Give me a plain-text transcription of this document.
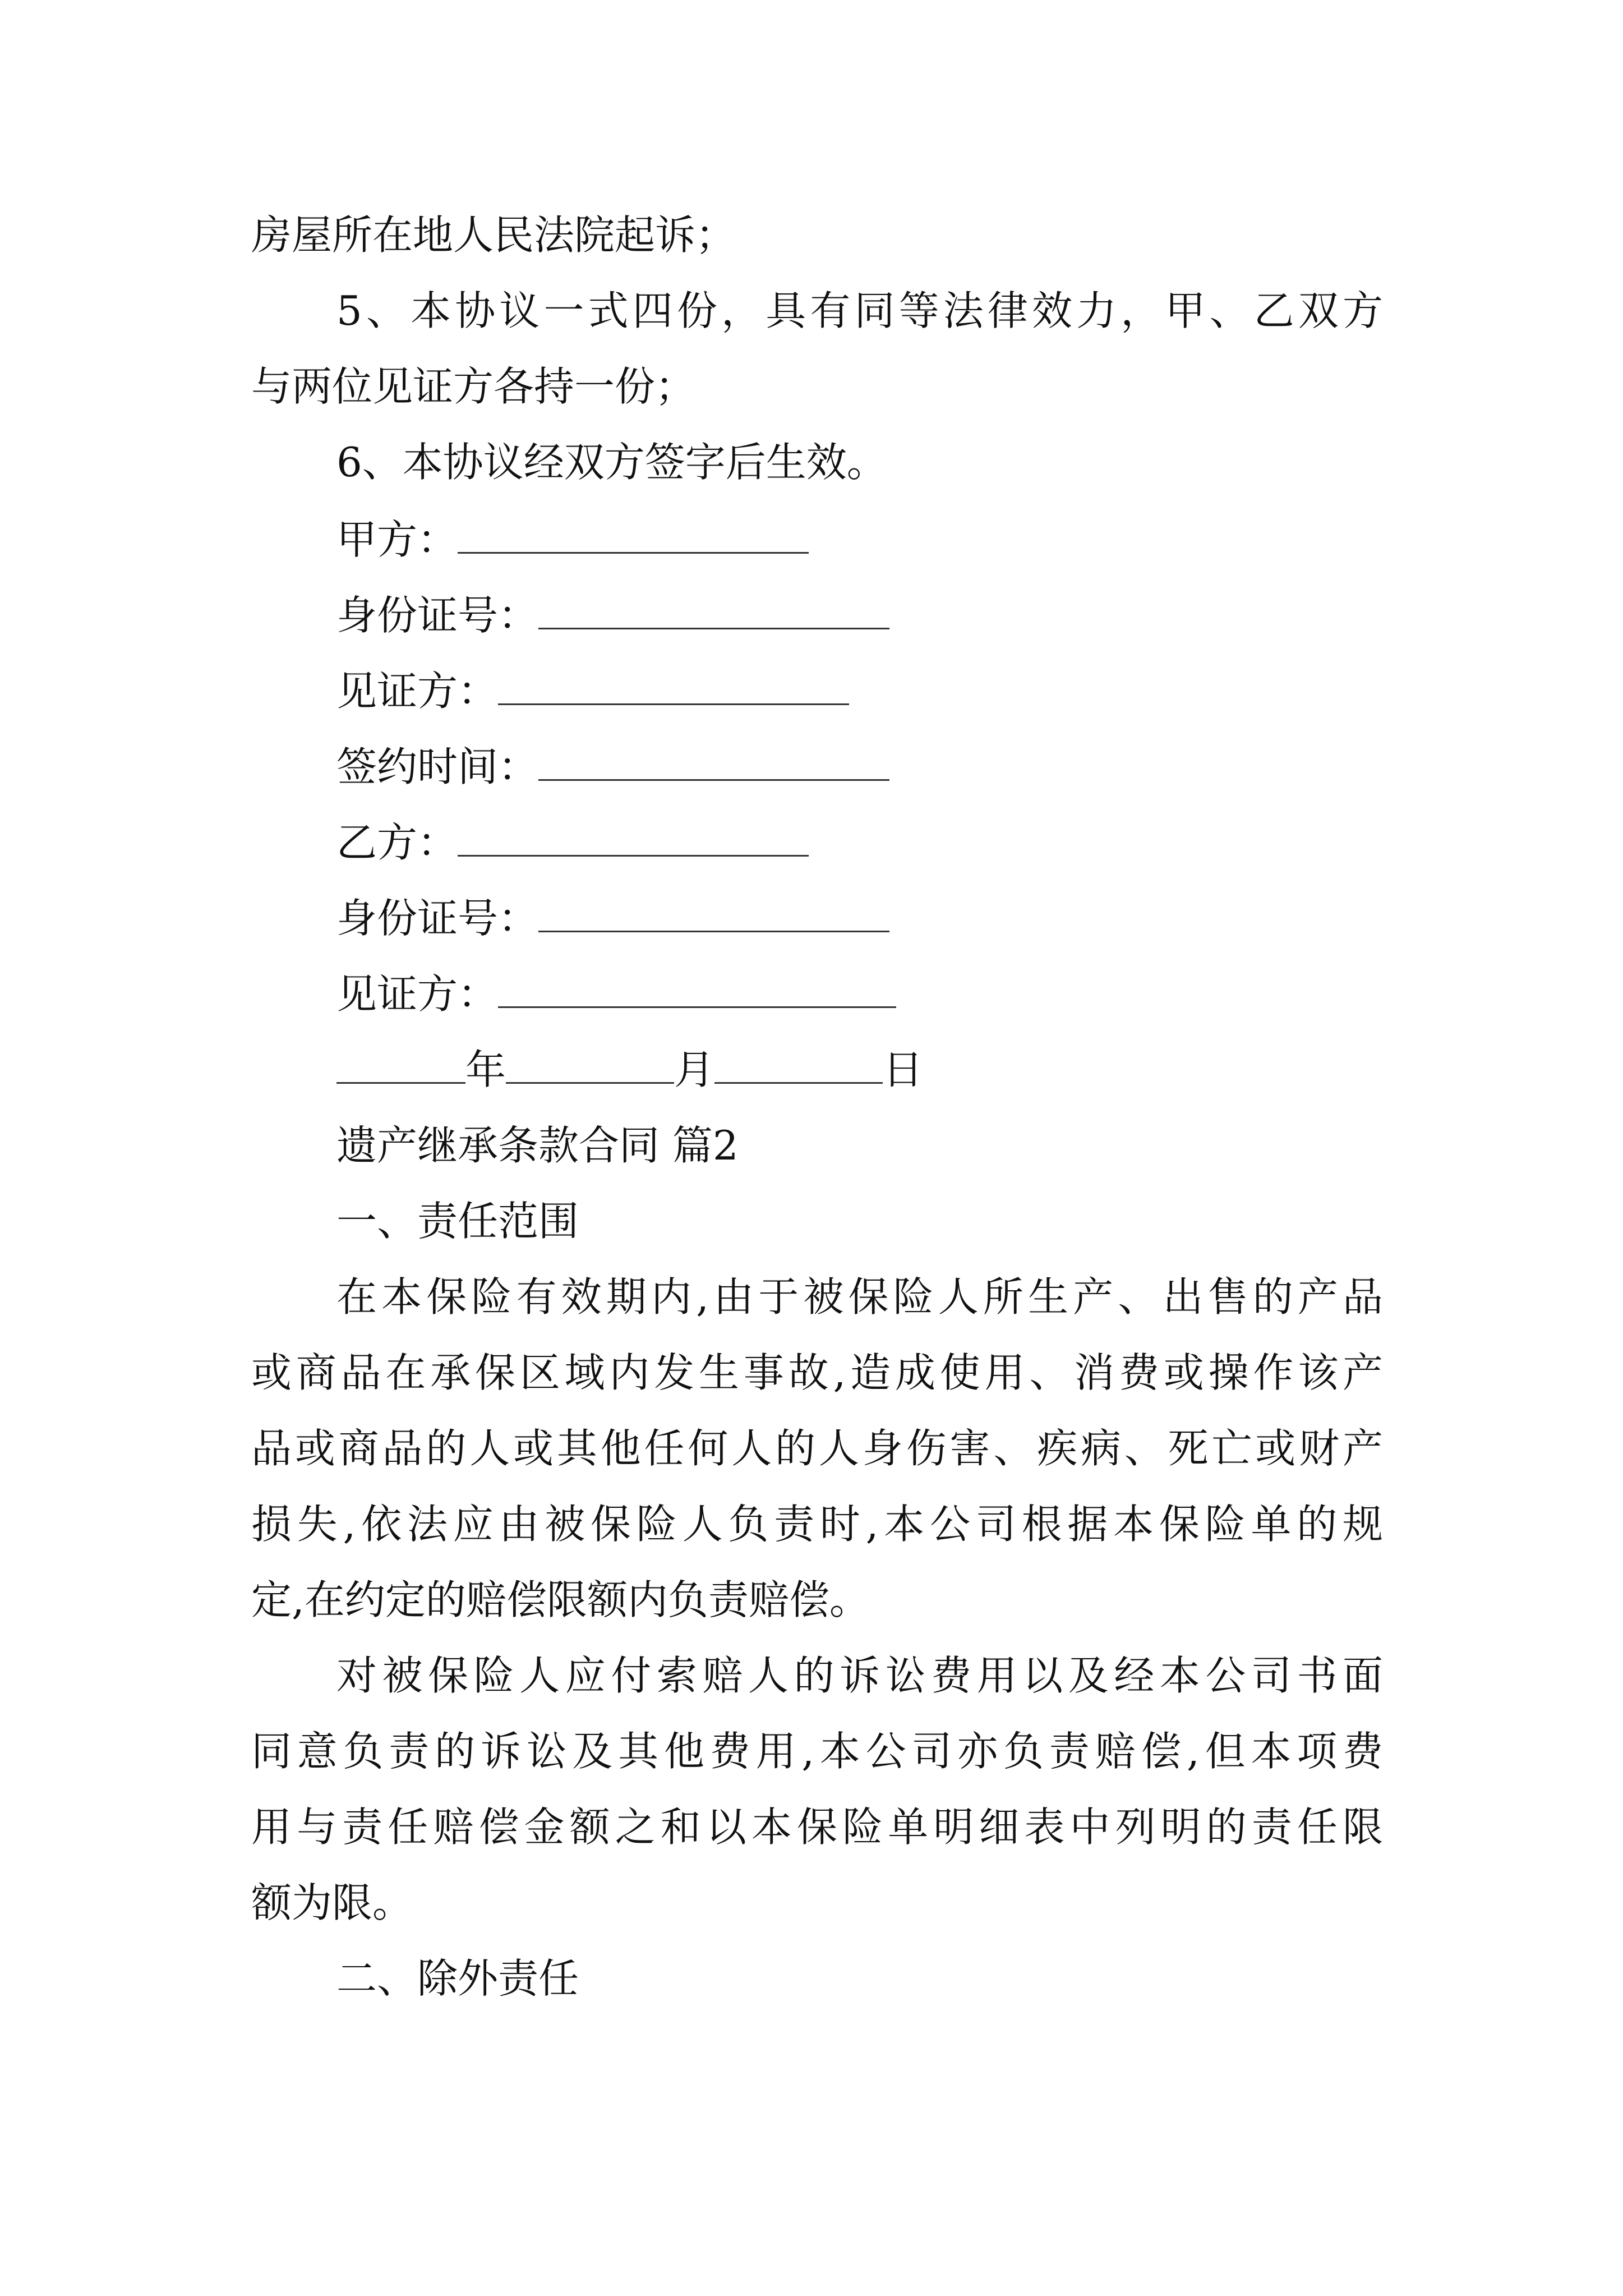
房屋所在地人民法院起诉；
5、本协议一式四份，具有同等法律效力，甲、乙双方
与两位见证方各持一份；
6、本协议经双方签字后生效。
甲方：
身份证号：
见证方：
签约时间：
乙方：
身份证号：
见证方：
年	月	日
遗产继承条款合同 篇2
一、责任范围
在本保险有效期内,由于被保险人所生产、出售的产品
或商品在承保区域内发生事故,造成使用、消费或操作该产
品或商品的人或其他任何人的人身伤害、疾病、死亡或财产
损失,依法应由被保险人负责时,本公司根据本保险单的规
定,在约定的赔偿限额内负责赔偿。
对被保险人应付索赔人的诉讼费用以及经本公司书面
同意负责的诉讼及其他费用,本公司亦负责赔偿,但本项费
用与责任赔偿金额之和以本保险单明细表中列明的责任限
额为限。
二、除外责任
